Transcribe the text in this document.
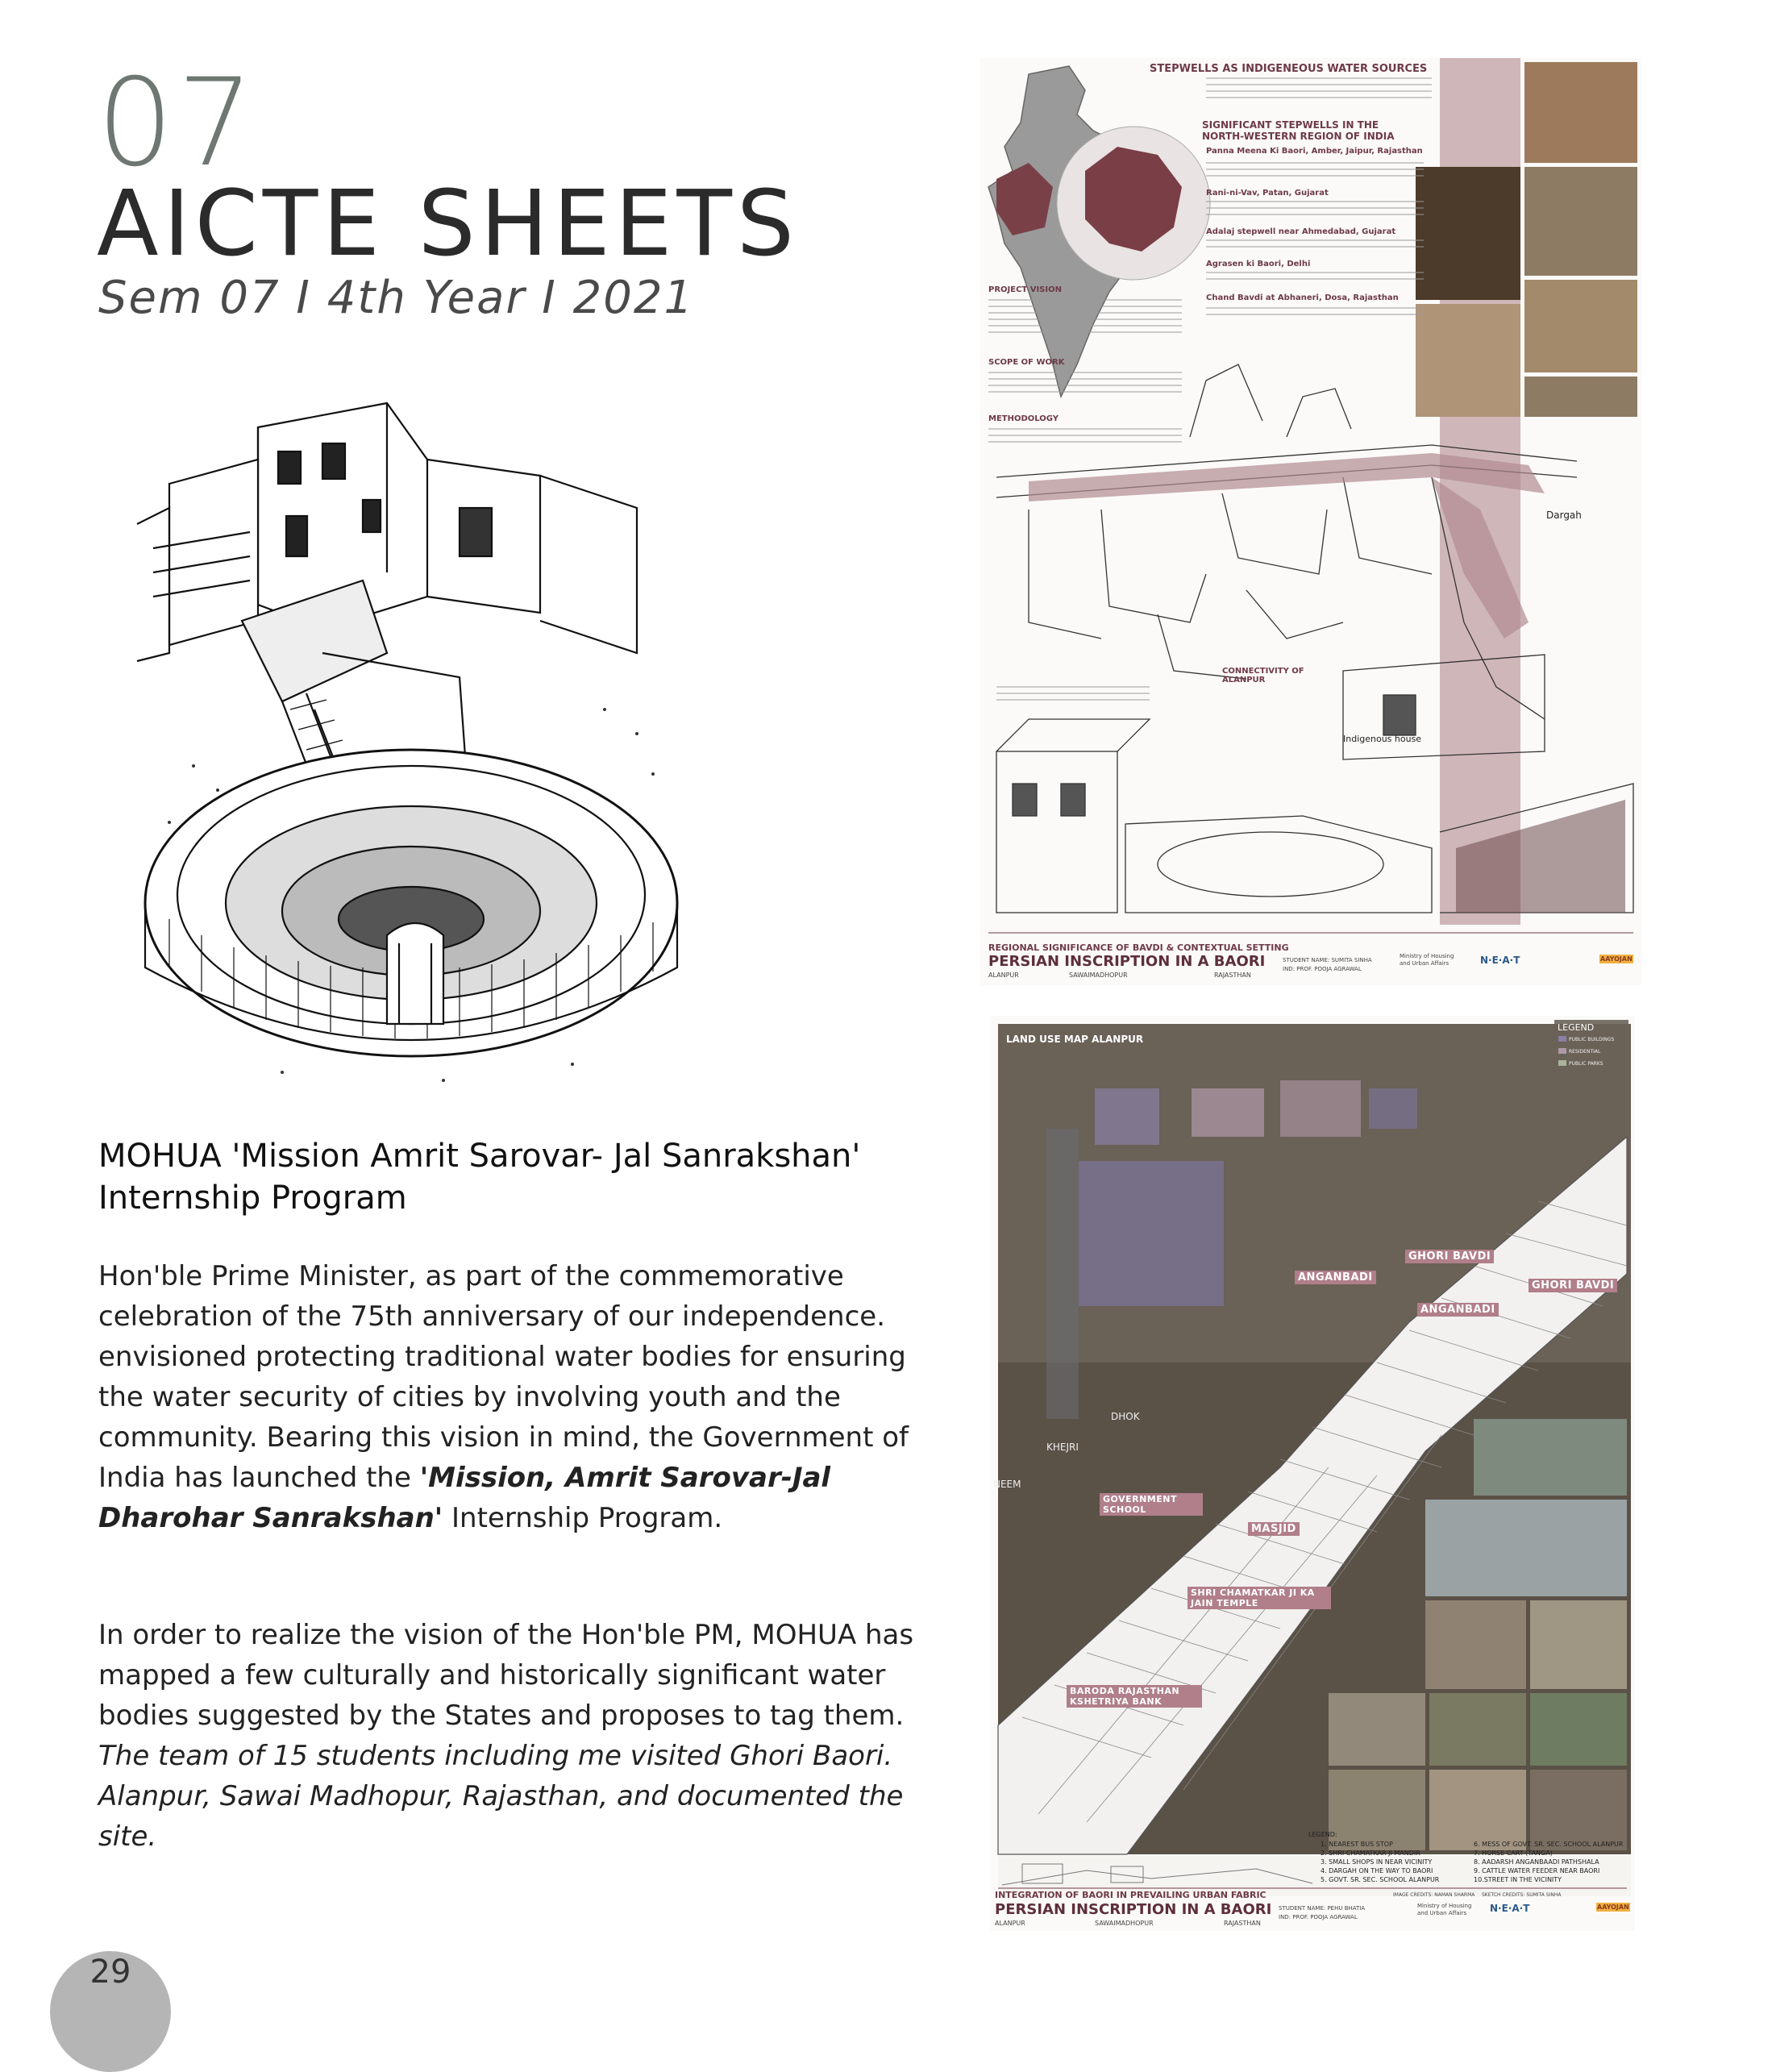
07
AICTE SHEETS
Sem 07 I 4th Year I 2021
MOHUA 'Mission Amrit Sarovar- Jal Sanrakshan' Internship Program
Hon'ble Prime Minister, as part of the commemorative celebration of the 75th anniversary of our independence. envisioned protecting traditional water bodies for ensuring the water security of cities by involving youth and the community. Bearing this vision in mind, the Government of India has launched the 'Mission, Amrit Sarovar-Jal Dharohar Sanrakshan' Internship Program.
In order to realize the vision of the Hon'ble PM, MOHUA has mapped a few culturally and historically significant water bodies suggested by the States and proposes to tag them. The team of 15 students including me visited Ghori Baori. Alanpur, Sawai Madhopur, Rajasthan, and documented the site.
29
STEPWELLS AS INDIGENEOUS WATER SOURCES
SIGNIFICANT STEPWELLS IN THE NORTH-WESTERN REGION OF INDIA
Panna Meena Ki Baori, Amber, Jaipur, Rajasthan
Rani-ni-Vav, Patan, Gujarat
Adalaj stepwell near Ahmedabad, Gujarat
Agrasen ki Baori, Delhi
Chand Bavdi at Abhaneri, Dosa, Rajasthan
PROJECT VISION
SCOPE OF WORK
METHODOLOGY
CONNECTIVITY OF ALANPUR
Dargah
Indigenous house
REGIONAL SIGNIFICANCE OF BAVDI & CONTEXTUAL SETTING
PERSIAN INSCRIPTION IN A BAORI
ALANPUR	SAWAIMADHOPUR	RAJASTHAN
STUDENT NAME: SUMITA SINHA
IND: PROF. POOJA AGRAWAL
Ministry of Housing and Urban Affairs	N·E·A·T	AAYOJAN
LAND USE MAP ALANPUR
LEGEND
PUBLIC BUILDINGS
RESIDENTIAL
PUBLIC PARKS
GHORI BAVDI
GHORI BAVDI
ANGANBADI
ANGANBADI
GOVERNMENT SCHOOL
MASJID
SHRI CHAMATKAR JI KA JAIN TEMPLE
BARODA RAJASTHAN KSHETRIYA BANK
DHOK
KHEJRI
NEEM
LEGEND:
1. NEAREST BUS STOP
2. SHRI CHAMATKAR JI MANDIR
3. SMALL SHOPS IN NEAR VICINITY
4. DARGAH ON THE WAY TO BAORI
5. GOVT. SR. SEC. SCHOOL ALANPUR
6. MESS OF GOVT. SR. SEC. SCHOOL ALANPUR
7. HORSE CART (TANGA)
8. AADARSH ANGANBAADI PATHSHALA
9. CATTLE WATER FEEDER NEAR BAORI
10.STREET IN THE VICINITY
INTEGRATION OF BAORI IN PREVAILING URBAN FABRIC
PERSIAN INSCRIPTION IN A BAORI
ALANPUR	SAWAIMADHOPUR	RAJASTHAN
STUDENT NAME: PEHU BHATIA
IND: PROF. POOJA AGRAWAL
IMAGE CREDITS: NAMAN SHARMA SKETCH CREDITS: SUMITA SINHA
Ministry of Housing and Urban Affairs	N·E·A·T	AAYOJAN
